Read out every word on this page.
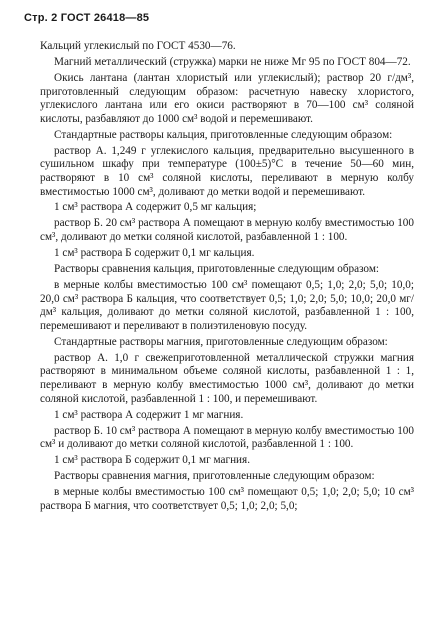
Стр. 2 ГОСТ 26418—85

Кальций углекислый по ГОСТ 4530—76.

Магний металлический (стружка) марки не ниже Мг 95 по ГОСТ 804—72.

Окись лантана (лантан хлористый или углекислый); раствор 20 г/дм³, приготовленный следующим образом: расчетную навеску хлористого, углекислого лантана или его окиси растворяют в 70—100 см³ соляной кислоты, разбавляют до 1000 см³ водой и перемешивают.

Стандартные растворы кальция, приготовленные следующим образом:

раствор А. 1,249 г углекислого кальция, предварительно высушенного в сушильном шкафу при температуре (100±5)°С в течение 50—60 мин, растворяют в 10 см³ соляной кислоты, переливают в мерную колбу вместимостью 1000 см³, доливают до метки водой и перемешивают.

1 см³ раствора А содержит 0,5 мг кальция;

раствор Б. 20 см³ раствора А помещают в мерную колбу вместимостью 100 см³, доливают до метки соляной кислотой, разбавленной 1 : 100.

1 см³ раствора Б содержит 0,1 мг кальция.

Растворы сравнения кальция, приготовленные следующим образом:

в мерные колбы вместимостью 100 см³ помещают 0,5; 1,0; 2,0; 5,0; 10,0; 20,0 см³ раствора Б кальция, что соответствует 0,5; 1,0; 2,0; 5,0; 10,0; 20,0 мг/дм³ кальция, доливают до метки соляной кислотой, разбавленной 1 : 100, перемешивают и переливают в полиэтиленовую посуду.

Стандартные растворы магния, приготовленные следующим образом:

раствор А. 1,0 г свежеприготовленной металлической стружки магния растворяют в минимальном объеме соляной кислоты, разбавленной 1 : 1, переливают в мерную колбу вместимостью 1000 см³, доливают до метки соляной кислотой, разбавленной 1 : 100, и перемешивают.

1 см³ раствора А содержит 1 мг магния.

раствор Б. 10 см³ раствора А помещают в мерную колбу вместимостью 100 см³ и доливают до метки соляной кислотой, разбавленной 1 : 100.

1 см³ раствора Б содержит 0,1 мг магния.

Растворы сравнения магния, приготовленные следующим образом:

в мерные колбы вместимостью 100 см³ помещают 0,5; 1,0; 2,0; 5,0; 10 см³ раствора Б магния, что соответствует 0,5; 1,0; 2,0; 5,0;
